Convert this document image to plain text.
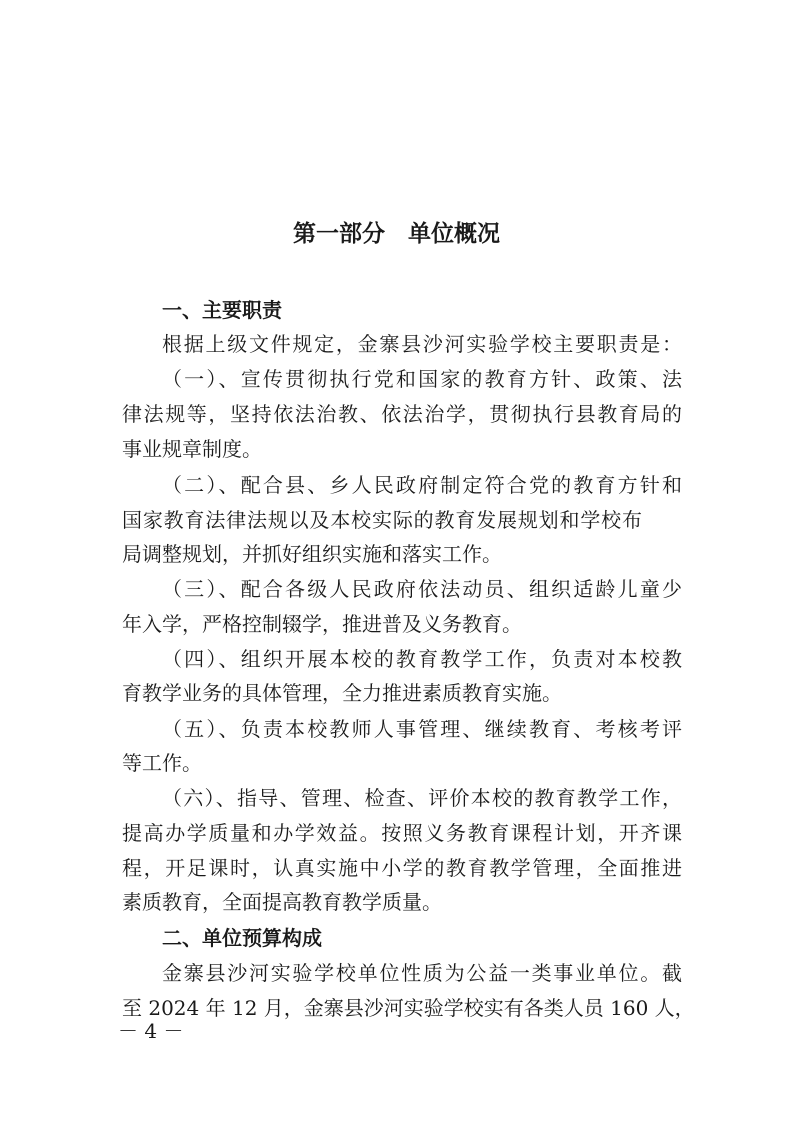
第一部分　单位概况
一、主要职责
根据上级文件规定，金寨县沙河实验学校主要职责是：
（一）、宣传贯彻执行党和国家的教育方针、政策、法
律法规等，坚持依法治教、依法治学，贯彻执行县教育局的
事业规章制度。
（二）、配合县、乡人民政府制定符合党的教育方针和
国家教育法律法规以及本校实际的教育发展规划和学校布
局调整规划，并抓好组织实施和落实工作。
（三）、配合各级人民政府依法动员、组织适龄儿童少
年入学，严格控制辍学，推进普及义务教育。
（四）、组织开展本校的教育教学工作，负责对本校教
育教学业务的具体管理，全力推进素质教育实施。
（五）、负责本校教师人事管理、继续教育、考核考评
等工作。
（六）、指导、管理、检查、评价本校的教育教学工作，
提高办学质量和办学效益。按照义务教育课程计划，开齐课
程，开足课时，认真实施中小学的教育教学管理，全面推进
素质教育，全面提高教育教学质量。
二、单位预算构成
金寨县沙河实验学校单位性质为公益一类事业单位。截
至 2024 年 12 月，金寨县沙河实验学校实有各类人员 160 人，
－ 4 －
